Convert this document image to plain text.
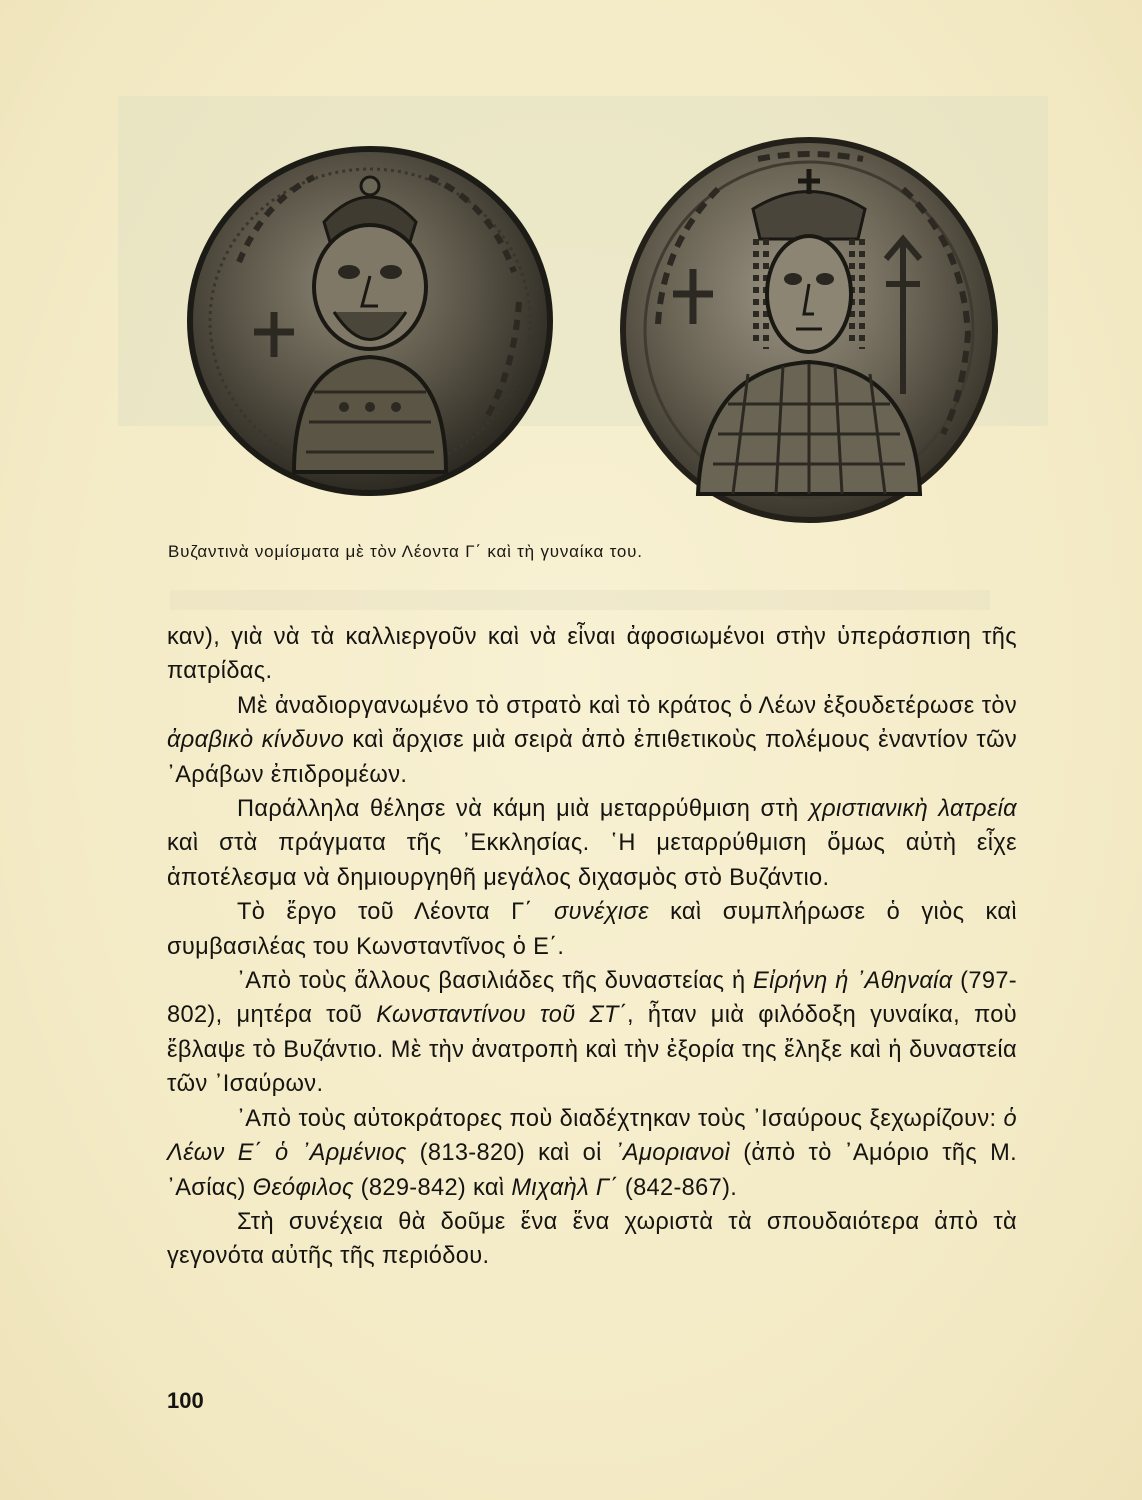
Βυζαντινὰ νομίσματα μὲ τὸν Λέοντα Γ΄ καὶ τὴ γυναίκα του.

καν), γιὰ νὰ τὰ καλλιεργοῦν καὶ νὰ εἶναι ἀφοσιωμένοι στὴν ὑπεράσπιση τῆς πατρίδας.

Μὲ ἀναδιοργανωμένο τὸ στρατὸ καὶ τὸ κράτος ὁ Λέων ἐξουδετέρωσε τὸν ἀραβικὸ κίνδυνο καὶ ἄρχισε μιὰ σειρὰ ἀπὸ ἐπιθετικοὺς πολέμους ἐναντίον τῶν ᾿Αράβων ἐπιδρομέων.

Παράλληλα θέλησε νὰ κάμη μιὰ μεταρρύθμιση στὴ χριστιανικὴ λατρεία καὶ στὰ πράγματα τῆς ᾿Εκκλησίας. ῾Η μεταρρύθμιση ὅμως αὐτὴ εἶχε ἀποτέλεσμα νὰ δημιουργηθῆ μεγάλος διχασμὸς στὸ Βυζάντιο.

Τὸ ἔργο τοῦ Λέοντα Γ΄ συνέχισε καὶ συμπλήρωσε ὁ γιὸς καὶ συμβασιλέας του Κωνσταντῖνος ὁ Ε΄.

᾿Απὸ τοὺς ἄλλους βασιλιάδες τῆς δυναστείας ἡ Εἰρήνη ἡ ᾿Αθηναία (797-802), μητέρα τοῦ Κωνσταντίνου τοῦ ΣΤ΄, ἦταν μιὰ φιλόδοξη γυναίκα, ποὺ ἔβλαψε τὸ Βυζάντιο. Μὲ τὴν ἀνατροπὴ καὶ τὴν ἐξορία της ἔληξε καὶ ἡ δυναστεία τῶν ᾿Ισαύρων.

᾿Απὸ τοὺς αὐτοκράτορες ποὺ διαδέχτηκαν τοὺς ᾿Ισαύρους ξεχωρίζουν: ὁ Λέων Ε΄ ὁ ᾿Αρμένιος (813-820) καὶ οἱ ᾿Αμοριανοὶ (ἀπὸ τὸ ᾿Αμόριο τῆς Μ. ᾿Ασίας) Θεόφιλος (829-842) καὶ Μιχαὴλ Γ΄ (842-867).

Στὴ συνέχεια θὰ δοῦμε ἕνα ἕνα χωριστὰ τὰ σπουδαιότερα ἀπὸ τὰ γεγονότα αὐτῆς τῆς περιόδου.

100
